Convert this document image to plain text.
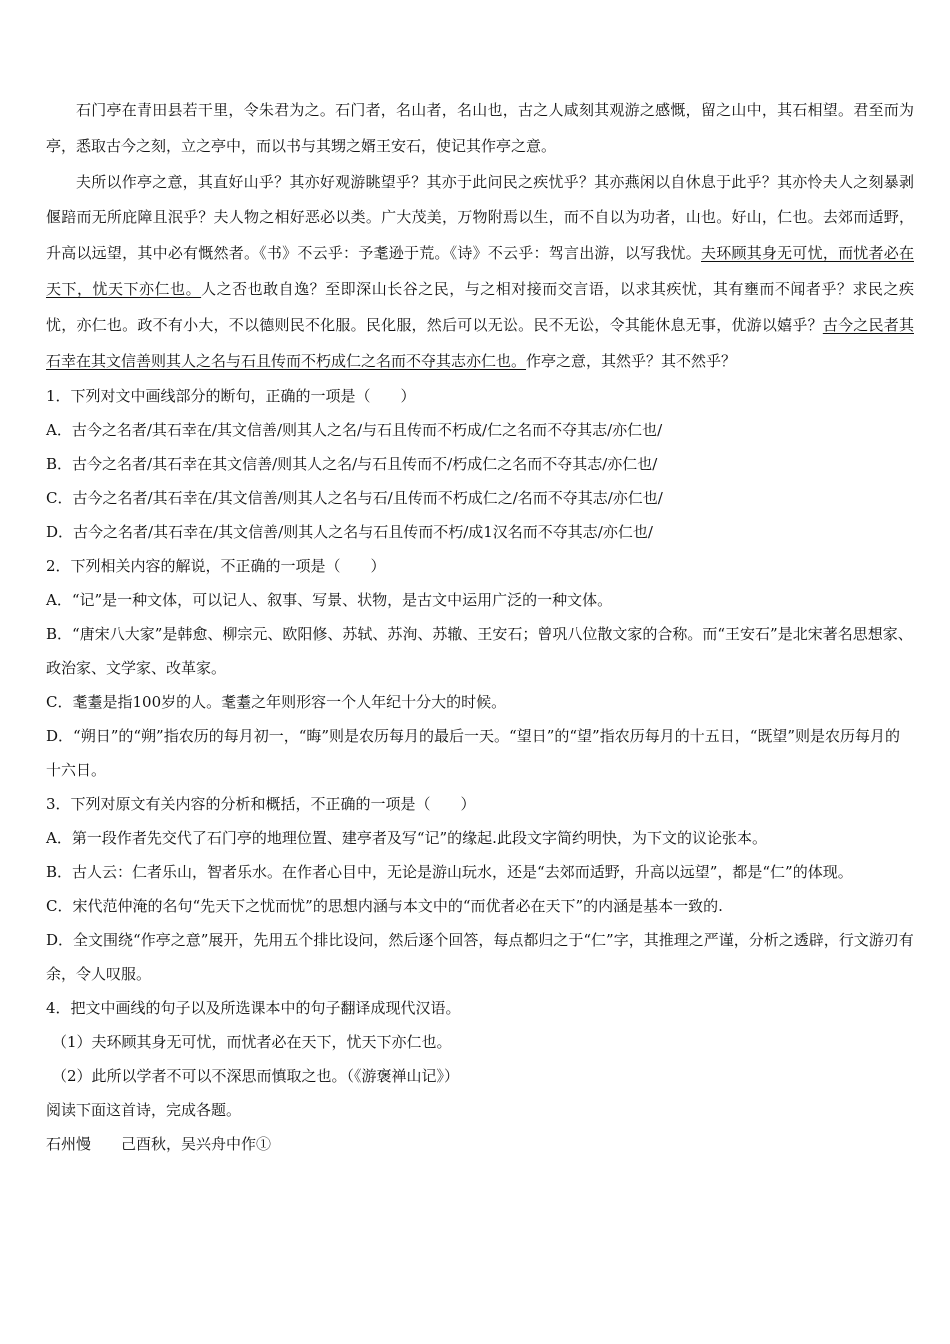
石门亭在青田县若干里，令朱君为之。石门者，名山者，名山也，古之人咸刻其观游之感慨，留之山中，其石相望。君至而为亭，悉取古今之刻，立之亭中，而以书与其甥之婿王安石，使记其作亭之意。

夫所以作亭之意，其直好山乎？其亦好观游眺望乎？其亦于此问民之疾忧乎？其亦燕闲以自休息于此乎？其亦怜夫人之刻暴剥偃踣而无所庇障且泯乎？夫人物之相好恶必以类。广大茂美，万物附焉以生，而不自以为功者，山也。好山，仁也。去郊而适野，升高以远望，其中必有慨然者。《书》不云乎：予耄逊于荒。《诗》不云乎：驾言出游，以写我忧。夫环顾其身无可忧，而忧者必在天下，忧天下亦仁也。人之否也敢自逸？至即深山长谷之民，与之相对接而交言语，以求其疾忧，其有壅而不闻者乎？求民之疾忧，亦仁也。政不有小大，不以德则民不化服。民化服，然后可以无讼。民不无讼，令其能休息无事，优游以嬉乎？古今之民者其石幸在其文信善则其人之名与石且传而不朽成仁之名而不夺其志亦仁也。作亭之意，其然乎？其不然乎？

1．下列对文中画线部分的断句，正确的一项是（　　）

A．古今之名者/其石幸在/其文信善/则其人之名/与石且传而不朽成/仁之名而不夺其志/亦仁也/

B．古今之名者/其石幸在其文信善/则其人之名/与石且传而不/朽成仁之名而不夺其志/亦仁也/

C．古今之名者/其石幸在/其文信善/则其人之名与石/且传而不朽成仁之/名而不夺其志/亦仁也/

D．古今之名者/其石幸在/其文信善/则其人之名与石且传而不朽/成1汉名而不夺其志/亦仁也/

2．下列相关内容的解说，不正确的一项是（　　）

A．“记”是一种文体，可以记人、叙事、写景、状物，是古文中运用广泛的一种文体。

B．“唐宋八大家”是韩愈、柳宗元、欧阳修、苏轼、苏洵、苏辙、王安石；曾巩八位散文家的合称。而“王安石”是北宋著名思想家、政治家、文学家、改革家。

C．耄耋是指100岁的人。耄耋之年则形容一个人年纪十分大的时候。

D．“朔日”的“朔”指农历的每月初一，“晦”则是农历每月的最后一天。“望日”的“望”指农历每月的十五日，“既望”则是农历每月的十六日。

3．下列对原文有关内容的分析和概括，不正确的一项是（　　）

A．第一段作者先交代了石门亭的地理位置、建亭者及写“记”的缘起.此段文字简约明快，为下文的议论张本。

B．古人云：仁者乐山，智者乐水。在作者心目中，无论是游山玩水，还是“去郊而适野，升高以远望”，都是“仁”的体现。

C．宋代范仲淹的名句“先天下之忧而忧”的思想内涵与本文中的“而优者必在天下”的内涵是基本一致的.

D．全文围绕“作亭之意”展开，先用五个排比设问，然后逐个回答，每点都归之于“仁”字，其推理之严谨，分析之透辟，行文游刃有余，令人叹服。

4．把文中画线的句子以及所选课本中的句子翻译成现代汉语。

（1）夫环顾其身无可忧，而忧者必在天下，忧天下亦仁也。

（2）此所以学者不可以不深思而慎取之也。（《游褒禅山记》）

阅读下面这首诗，完成各题。

石州慢　　己酉秋，吴兴舟中作①
